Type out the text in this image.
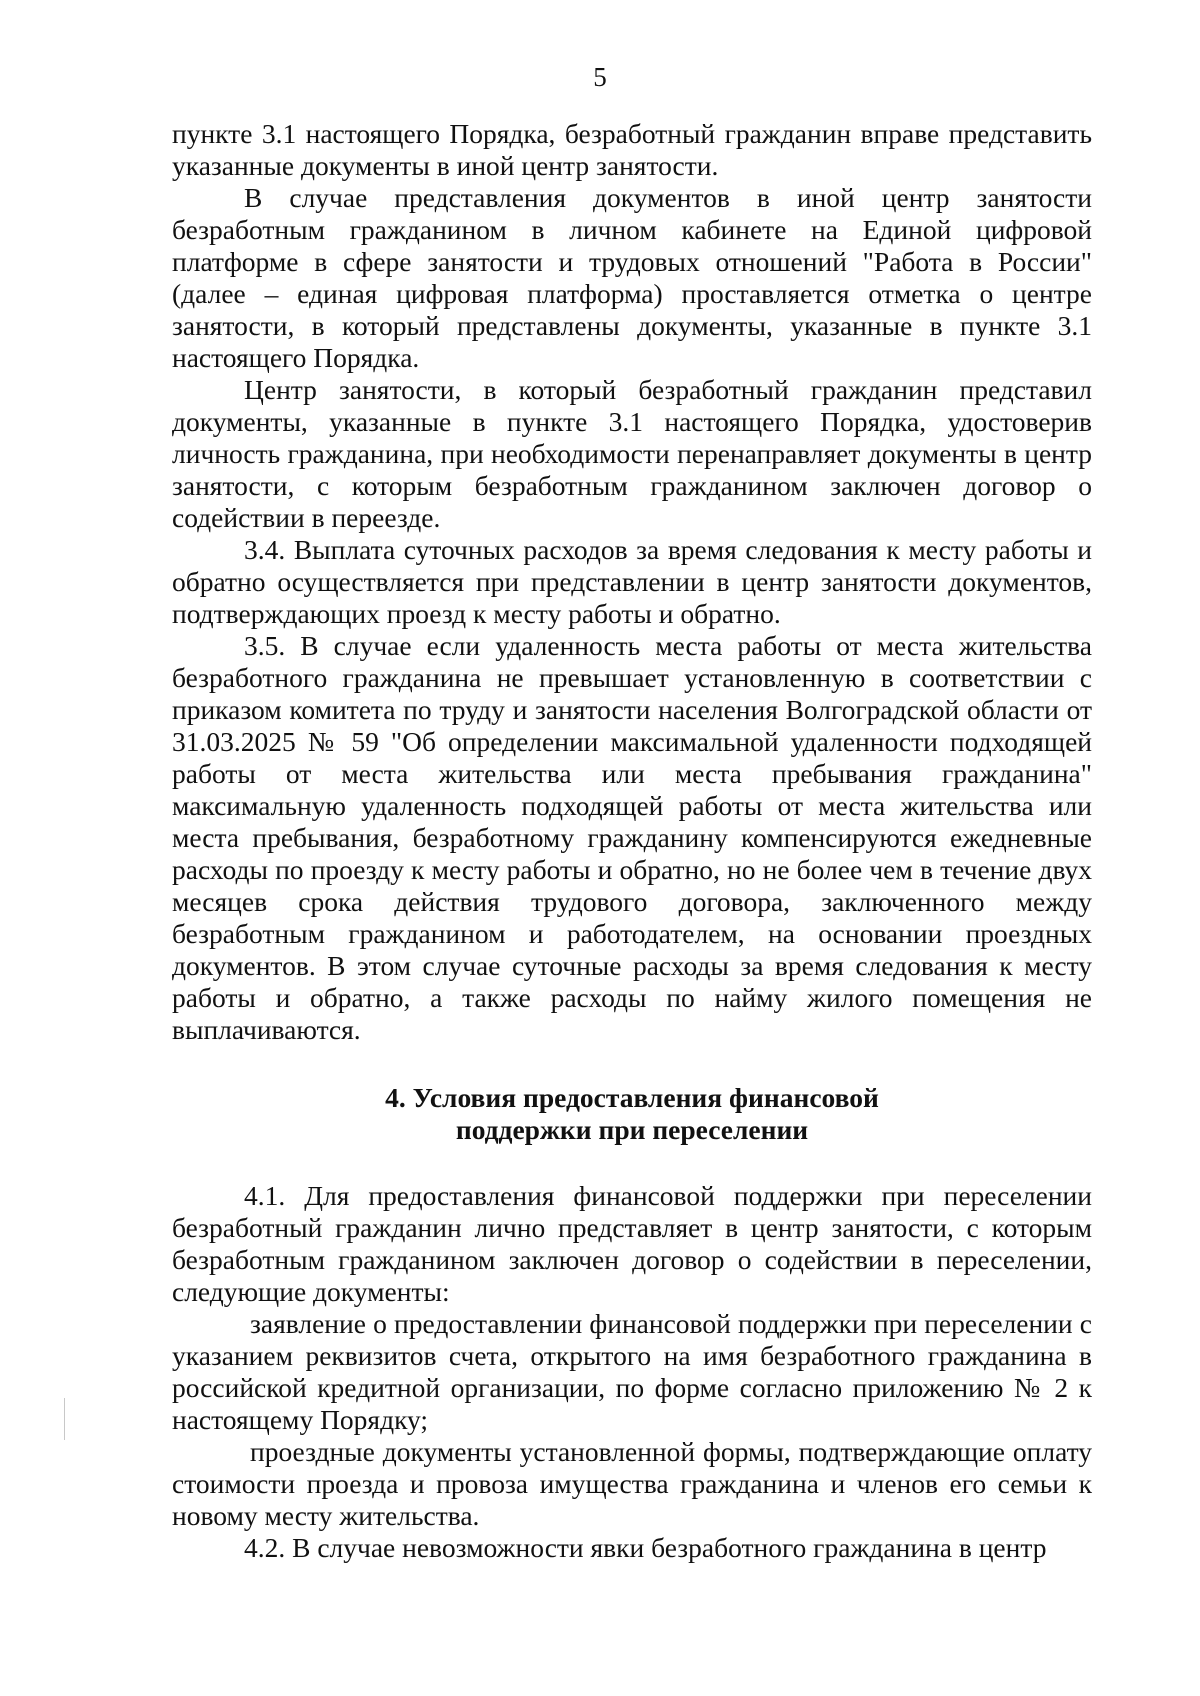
5

пункте 3.1 настоящего Порядка, безработный гражданин вправе представить указанные документы в иной центр занятости.

В случае представления документов в иной центр занятости безработным гражданином в личном кабинете на Единой цифровой платформе в сфере занятости и трудовых отношений "Работа в России" (далее – единая цифровая платформа) проставляется отметка о центре занятости, в который представлены документы, указанные в пункте 3.1 настоящего Порядка.

Центр занятости, в который безработный гражданин представил документы, указанные в пункте 3.1 настоящего Порядка, удостоверив личность гражданина, при необходимости перенаправляет документы в центр занятости, с которым безработным гражданином заключен договор о содействии в переезде.

3.4. Выплата суточных расходов за время следования к месту работы и обратно осуществляется при представлении в центр занятости документов, подтверждающих проезд к месту работы и обратно.

3.5. В случае если удаленность места работы от места жительства безработного гражданина не превышает установленную в соответствии с приказом комитета по труду и занятости населения Волгоградской области от 31.03.2025 № 59 "Об определении максимальной удаленности подходящей работы от места жительства или места пребывания гражданина" максимальную удаленность подходящей работы от места жительства или места пребывания, безработному гражданину компенсируются ежедневные расходы по проезду к месту работы и обратно, но не более чем в течение двух месяцев срока действия трудового договора, заключенного между безработным гражданином и работодателем, на основании проездных документов. В этом случае суточные расходы за время следования к месту работы и обратно, а также расходы по найму жилого помещения не выплачиваются.

4. Условия предоставления финансовой
поддержки при переселении

4.1. Для предоставления финансовой поддержки при переселении безработный гражданин лично представляет в центр занятости, с которым безработным гражданином заключен договор о содействии в переселении, следующие документы:

заявление о предоставлении финансовой поддержки при переселении с указанием реквизитов счета, открытого на имя безработного гражданина в российской кредитной организации, по форме согласно приложению № 2 к настоящему Порядку;

проездные документы установленной формы, подтверждающие оплату стоимости проезда и провоза имущества гражданина и членов его семьи к новому месту жительства.

4.2. В случае невозможности явки безработного гражданина в центр
